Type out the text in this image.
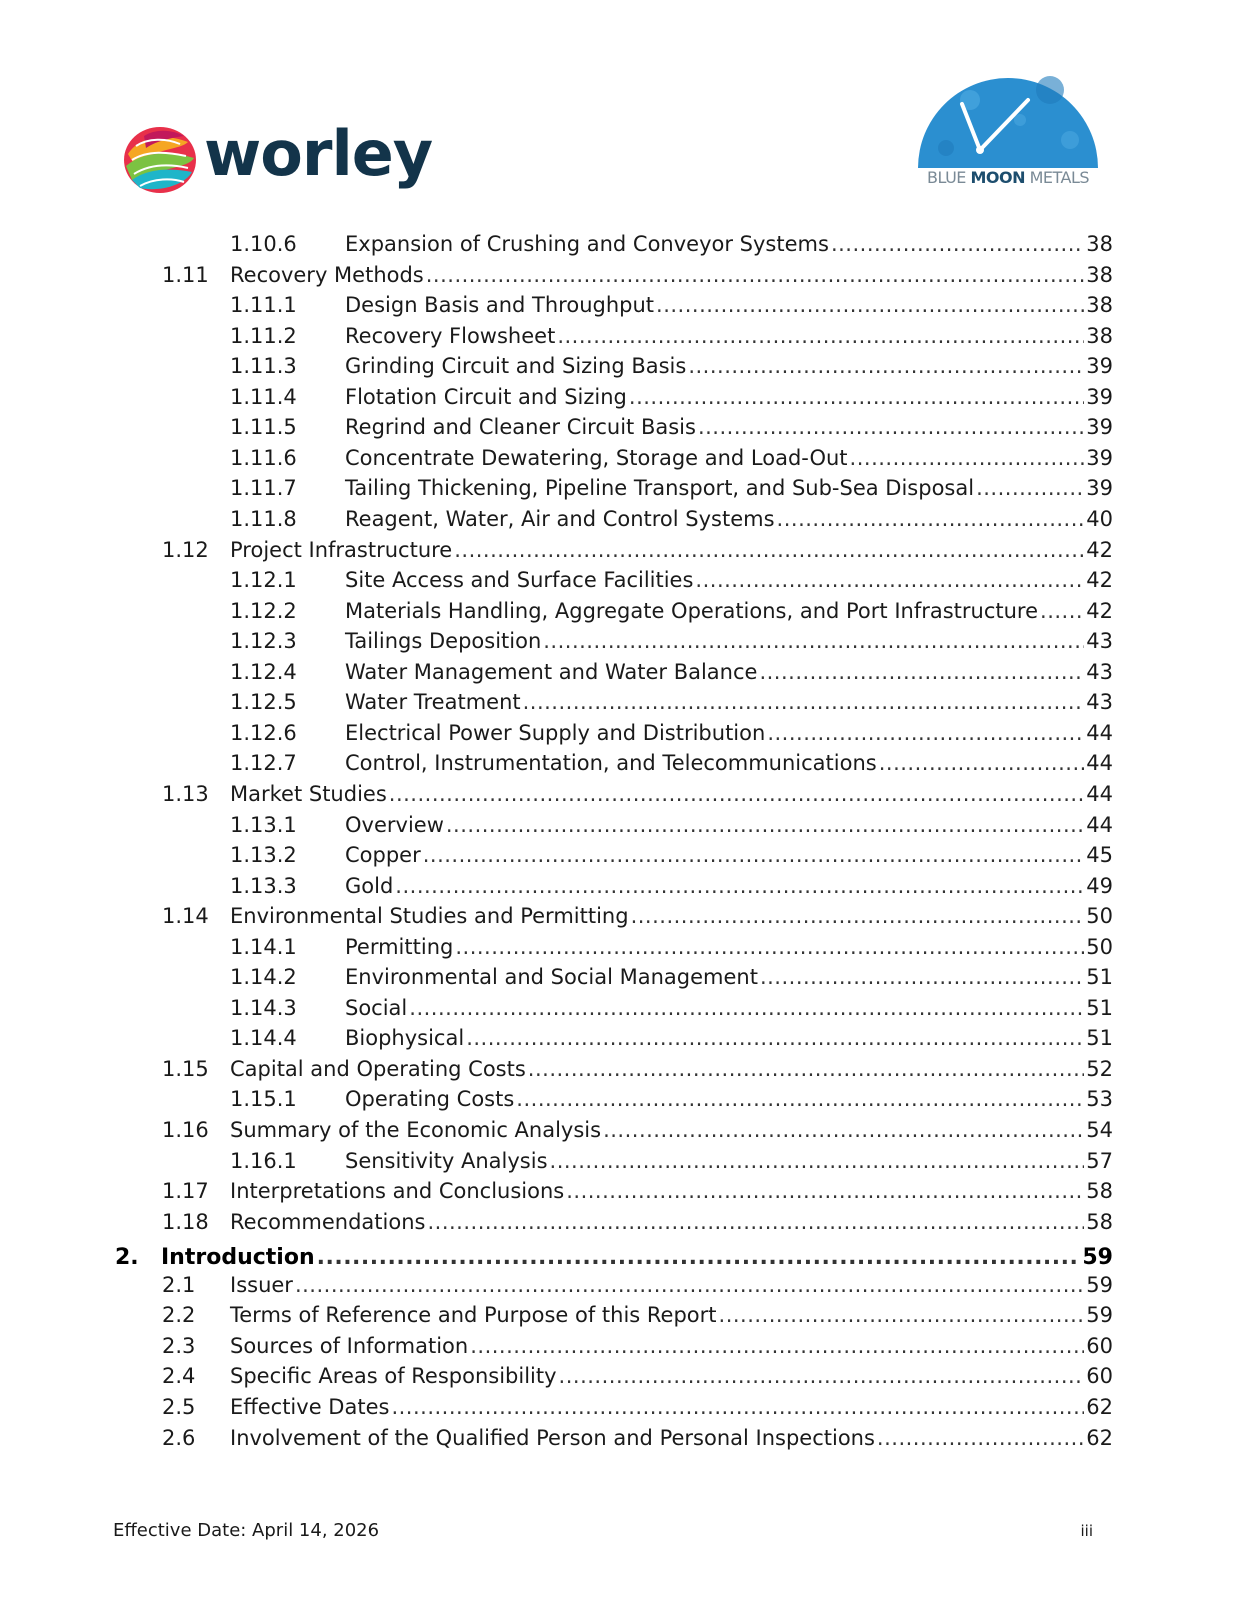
worley	BLUE MOON METALS
1.10.6	Expansion of Crushing and Conveyor Systems .....	38
1.11	Recovery Methods .....	38
1.11.1	Design Basis and Throughput .....	38
1.11.2	Recovery Flowsheet .....	38
1.11.3	Grinding Circuit and Sizing Basis .....	39
1.11.4	Flotation Circuit and Sizing .....	39
1.11.5	Regrind and Cleaner Circuit Basis .....	39
1.11.6	Concentrate Dewatering, Storage and Load-Out .....	39
1.11.7	Tailing Thickening, Pipeline Transport, and Sub-Sea Disposal .....	39
1.11.8	Reagent, Water, Air and Control Systems .....	40
1.12	Project Infrastructure .....	42
1.12.1	Site Access and Surface Facilities .....	42
1.12.2	Materials Handling, Aggregate Operations, and Port Infrastructure ..... 42
1.12.3	Tailings Deposition .....	43
1.12.4	Water Management and Water Balance .....	43
1.12.5	Water Treatment .....	43
1.12.6	Electrical Power Supply and Distribution .....	44
1.12.7	Control, Instrumentation, and Telecommunications .....	44
1.13	Market Studies .....	44
1.13.1	Overview .....	44
1.13.2	Copper .....	45
1.13.3	Gold .....	49
1.14	Environmental Studies and Permitting .....	50
1.14.1	Permitting .....	50
1.14.2	Environmental and Social Management .....	51
1.14.3	Social .....	51
1.14.4	Biophysical .....	51
1.15	Capital and Operating Costs .....	52
1.15.1	Operating Costs .....	53
1.16	Summary of the Economic Analysis .....	54
1.16.1	Sensitivity Analysis .....	57
1.17	Interpretations and Conclusions .....	58
1.18	Recommendations .....	58
2.	Introduction .....	59
2.1	Issuer .....	59
2.2	Terms of Reference and Purpose of this Report .....	59
2.3	Sources of Information .....	60
2.4	Specific Areas of Responsibility .....	60
2.5	Effective Dates .....	62
2.6	Involvement of the Qualified Person and Personal Inspections .....	62
Effective Date: April 14, 2026	iii
